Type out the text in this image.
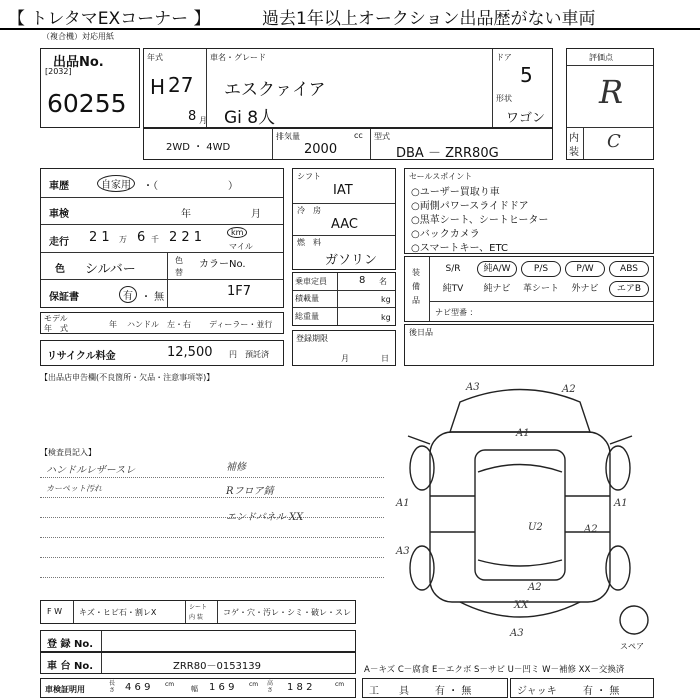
【 トレタマEXコーナー 】	過去1年以上オークション出品歴がない車両
（複合機）対応用紙
出品No.
[2032]
60255
年式
H 27
8 月
車名・グレード
エスクァイア
Gi 8人
ドア
5
形状
ワゴン
評価点
R
内
装
C
2WD ・ 4WD
排気量	cc
2000
型式
DBA － ZRR80G
車歴	自家用	・（　　　　　　　）
車検	年	月
走行 2 1 万 6 千 2 2 1	km
マイル
色 シルバー
色
替
カラーNo.
1F7
保証書	有 ・ 無
モデル
年　式	年 ハンドル　左・右 ディーラー・並行
リサイクル料金	12,500 円 預託済
シフト
IAT
冷　房
AAC
燃　料
ガソリン
乗車定員	8 名
積載量	kg
総重量	kg
登録期限
月	日
セールスポイント
○ユーザー買取り車
○両側パワースライドドア
○黒革シート、シートヒーター
○バックカメラ
○スマートキー、ETC
装
備
品
S/R	純A/W	P/S	P/W	ABS
純TV	純ナビ	革シート	外ナビ	エアB
ナビ型番 ：
後日品
【出品店申告欄(不良箇所・欠品・注意事項等)】
【検査員記入】
ハンドルレザースレ
カーペット汚れ
補修
Rフロア錆
エンドパネル XX
A3	A2
A1
A1
A2
U2
A1
A3
A2
XX
A3
スペア
F W キズ・ヒビ石・割レX
シート
内 装
コゲ・穴・汚レ・シミ・破レ・スレ
登 録 No.
車 台 No.	ZRR80－0153139	A－キズ C－腐食 E－エクボ S－サビ U－凹ミ W－補修 XX－交換済
車検証明用
長さ 4 6 9 cm
幅 1 6 9 cm 高さ 1 8 2	cm
工　　具	有 ・ 無	ジャッキ	有 ・ 無
